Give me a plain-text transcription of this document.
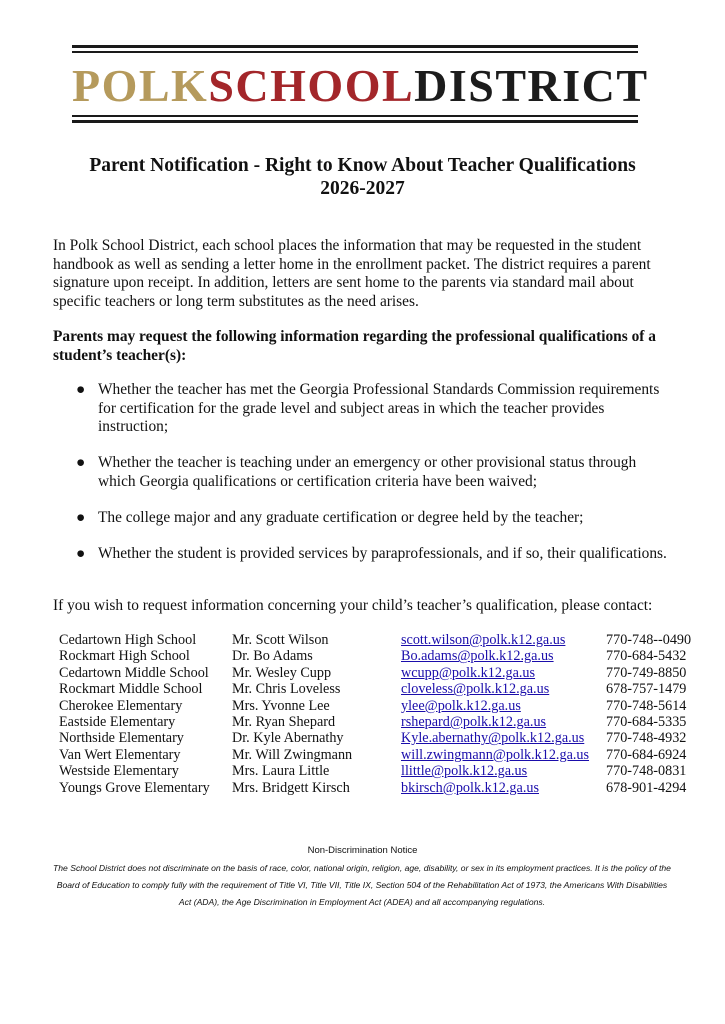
POLKSCHOOLDISTRICT
Parent Notification - Right to Know About Teacher Qualifications
2026-2027
In Polk School District, each school places the information that may be requested in the student handbook as well as sending a letter home in the enrollment packet. The district requires a parent signature upon receipt. In addition, letters are sent home to the parents via standard mail about specific teachers or long term substitutes as the need arises.
Parents may request the following information regarding the professional qualifications of a student’s teacher(s):
● Whether the teacher has met the Georgia Professional Standards Commission requirements for certification for the grade level and subject areas in which the teacher provides instruction;
● Whether the teacher is teaching under an emergency or other provisional status through which Georgia qualifications or certification criteria have been waived;
● The college major and any graduate certification or degree held by the teacher;
● Whether the student is provided services by paraprofessionals, and if so, their qualifications.
If you wish to request information concerning your child’s teacher’s qualification, please contact:
Cedartown High School	Mr. Scott Wilson	scott.wilson@polk.k12.ga.us	770-748--0490
Rockmart High School	Dr. Bo Adams	Bo.adams@polk.k12.ga.us	770-684-5432
Cedartown Middle School	Mr. Wesley Cupp	wcupp@polk.k12.ga.us	770-749-8850
Rockmart Middle School	Mr. Chris Loveless	cloveless@polk.k12.ga.us	678-757-1479
Cherokee Elementary	Mrs. Yvonne Lee	ylee@polk.k12.ga.us	770-748-5614
Eastside Elementary	Mr. Ryan Shepard	rshepard@polk.k12.ga.us	770-684-5335
Northside Elementary	Dr. Kyle Abernathy	Kyle.abernathy@polk.k12.ga.us	770-748-4932
Van Wert Elementary	Mr. Will Zwingmann	will.zwingmann@polk.k12.ga.us	770-684-6924
Westside Elementary	Mrs. Laura Little	llittle@polk.k12.ga.us	770-748-0831
Youngs Grove Elementary	Mrs. Bridgett Kirsch	bkirsch@polk.k12.ga.us	678-901-4294
Non-Discrimination Notice
The School District does not discriminate on the basis of race, color, national origin, religion, age, disability, or sex in its employment practices. It is the policy of the Board of Education to comply fully with the requirement of Title VI, Title VII, Title IX, Section 504 of the Rehabilitation Act of 1973, the Americans With Disabilities Act (ADA), the Age Discrimination in Employment Act (ADEA) and all accompanying regulations.
